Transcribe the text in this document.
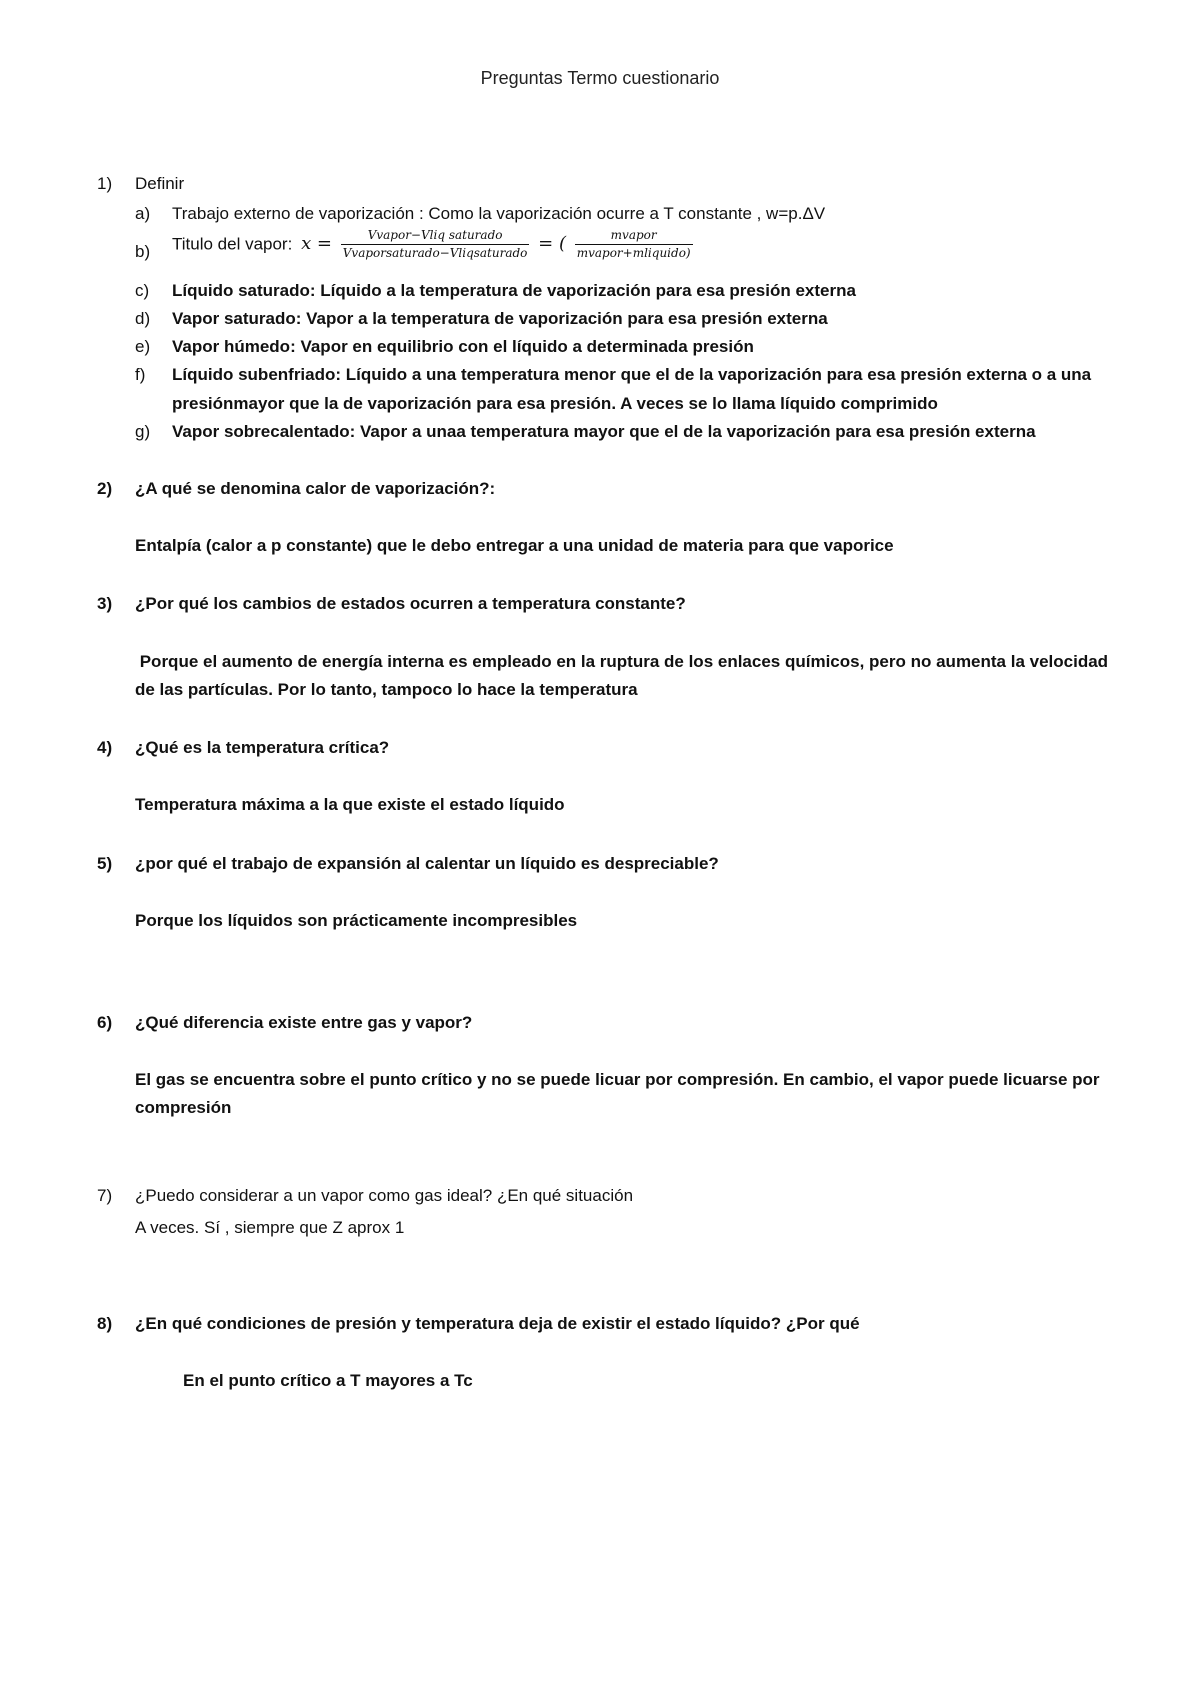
Preguntas Termo cuestionario
1) Definir
a) Trabajo externo de vaporización : Como la vaporización ocurre a T constante , w=p.ΔV
b) Titulo del vapor: $x = \frac{\text{Vvapor−Vliq saturado}}{\text{Vvaporsaturado−Vliqsaturado}}$ = ( $\frac{\text{mvapor}}{\text{mvapor+mliquido)}}$
c) Líquido saturado: Líquido a la temperatura de vaporización para esa presión externa
d) Vapor saturado: Vapor a la temperatura de vaporización para esa presión externa
e) Vapor húmedo: Vapor en equilibrio con el líquido a determinada presión
f) Líquido subenfriado: Líquido a una temperatura menor que el de la vaporización para esa presión externa o a una
presiónmayor que la de vaporización para esa presión. A veces se lo llama líquido comprimido
g) Vapor sobrecalentado: Vapor a unaa temperatura mayor que el de la vaporización para esa presión externa
2) ¿A qué se denomina calor de vaporización?:
Entalpía (calor a p constante) que le debo entregar a una unidad de materia para que vaporice
3) ¿Por qué los cambios de estados ocurren a temperatura constante?
Porque el aumento de energía interna es empleado en la ruptura de los enlaces químicos, pero no aumenta la velocidad
de las partículas. Por lo tanto, tampoco lo hace la temperatura
4) ¿Qué es la temperatura crítica?
Temperatura máxima a la que existe el estado líquido
5) ¿por qué el trabajo de expansión al calentar un líquido es despreciable?
Porque los líquidos son prácticamente incompresibles
6) ¿Qué diferencia existe entre gas y vapor?
El gas se encuentra sobre el punto crítico y no se puede licuar por compresión. En cambio, el vapor puede licuarse por
compresión
7) ¿Puedo considerar a un vapor como gas ideal? ¿En qué situación
A veces. Sí , siempre que Z aprox 1
8) ¿En qué condiciones de presión y temperatura deja de existir el estado líquido? ¿Por qué
En el punto crítico a T mayores a Tc
